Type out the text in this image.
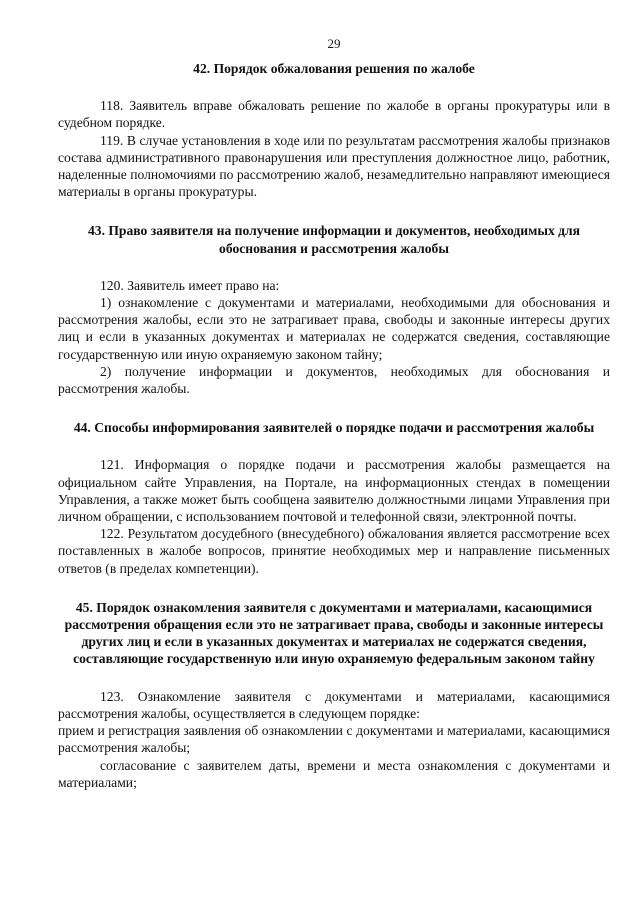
29
42. Порядок обжалования решения по жалобе

118. Заявитель вправе обжаловать решение по жалобе в органы прокуратуры или в судебном порядке.

119. В случае установления в ходе или по результатам рассмотрения жалобы признаков состава административного правонарушения или преступления должностное лицо, работник, наделенные полномочиями по рассмотрению жалоб, незамедлительно направляют имеющиеся материалы в органы прокуратуры.

43. Право заявителя на получение информации и документов, необходимых для обоснования и рассмотрения жалобы

120. Заявитель имеет право на:

1) ознакомление с документами и материалами, необходимыми для обоснования и рассмотрения жалобы, если это не затрагивает права, свободы и законные интересы других лиц и если в указанных документах и материалах не содержатся сведения, составляющие государственную или иную охраняемую законом тайну;

2) получение информации и документов, необходимых для обоснования и рассмотрения жалобы.

44. Способы информирования заявителей о порядке подачи и рассмотрения жалобы

121. Информация о порядке подачи и рассмотрения жалобы размещается на официальном сайте Управления, на Портале, на информационных стендах в помещении Управления, а также может быть сообщена заявителю должностными лицами Управления при личном обращении, с использованием почтовой и телефонной связи, электронной почты.

122. Результатом досудебного (внесудебного) обжалования является рассмотрение всех поставленных в жалобе вопросов, принятие необходимых мер и направление письменных ответов (в пределах компетенции).

45. Порядок ознакомления заявителя с документами и материалами, касающимися рассмотрения обращения если это не затрагивает права, свободы и законные интересы других лиц и если в указанных документах и материалах не содержатся сведения, составляющие государственную или иную охраняемую федеральным законом тайну

123. Ознакомление заявителя с документами и материалами, касающимися рассмотрения жалобы, осуществляется в следующем порядке:

прием и регистрация заявления об ознакомлении с документами и материалами, касающимися рассмотрения жалобы;

согласование с заявителем даты, времени и места ознакомления с документами и материалами;
